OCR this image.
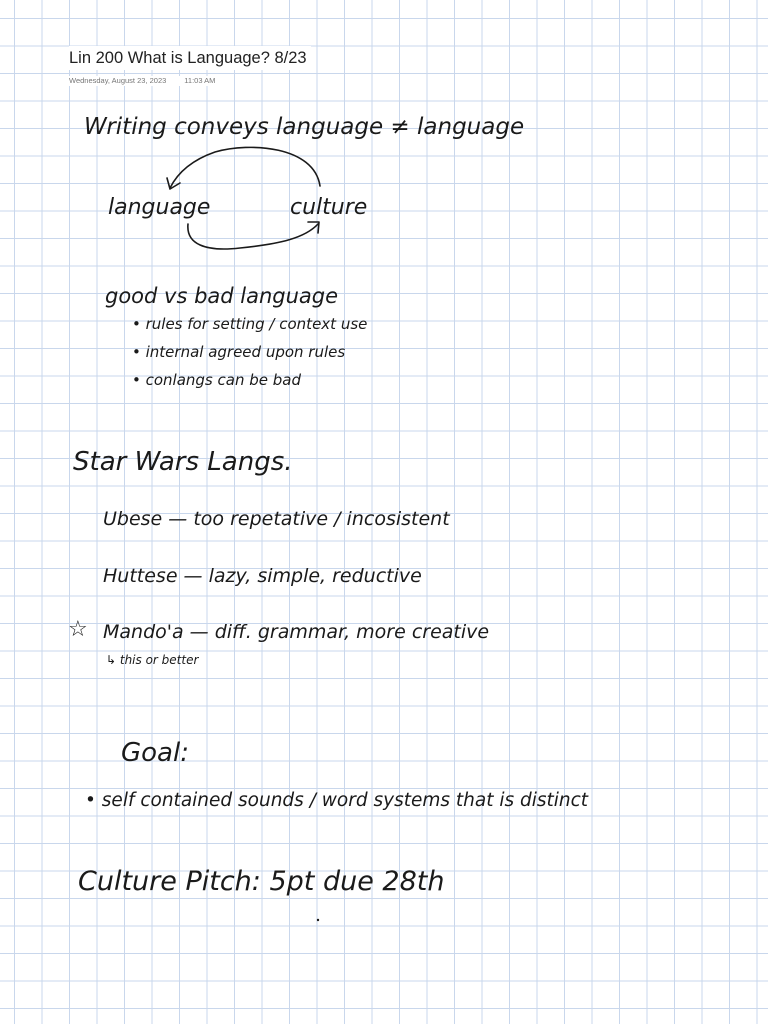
Lin 200 What is Language? 8/23
Wednesday, August 23, 2023 11:03 AM
Writing conveys language ≠ language
language	culture
good vs bad language
• rules for setting / context use
• internal agreed upon rules
• conlangs can be bad
Star Wars Langs.
Ubese — too repetative / incosistent
Huttese — lazy, simple, reductive
☆ Mando'a — diff. grammar, more creative
↳ this or better
Goal:
• self contained sounds / word systems that is distinct
Culture Pitch: 5pt due 28th
